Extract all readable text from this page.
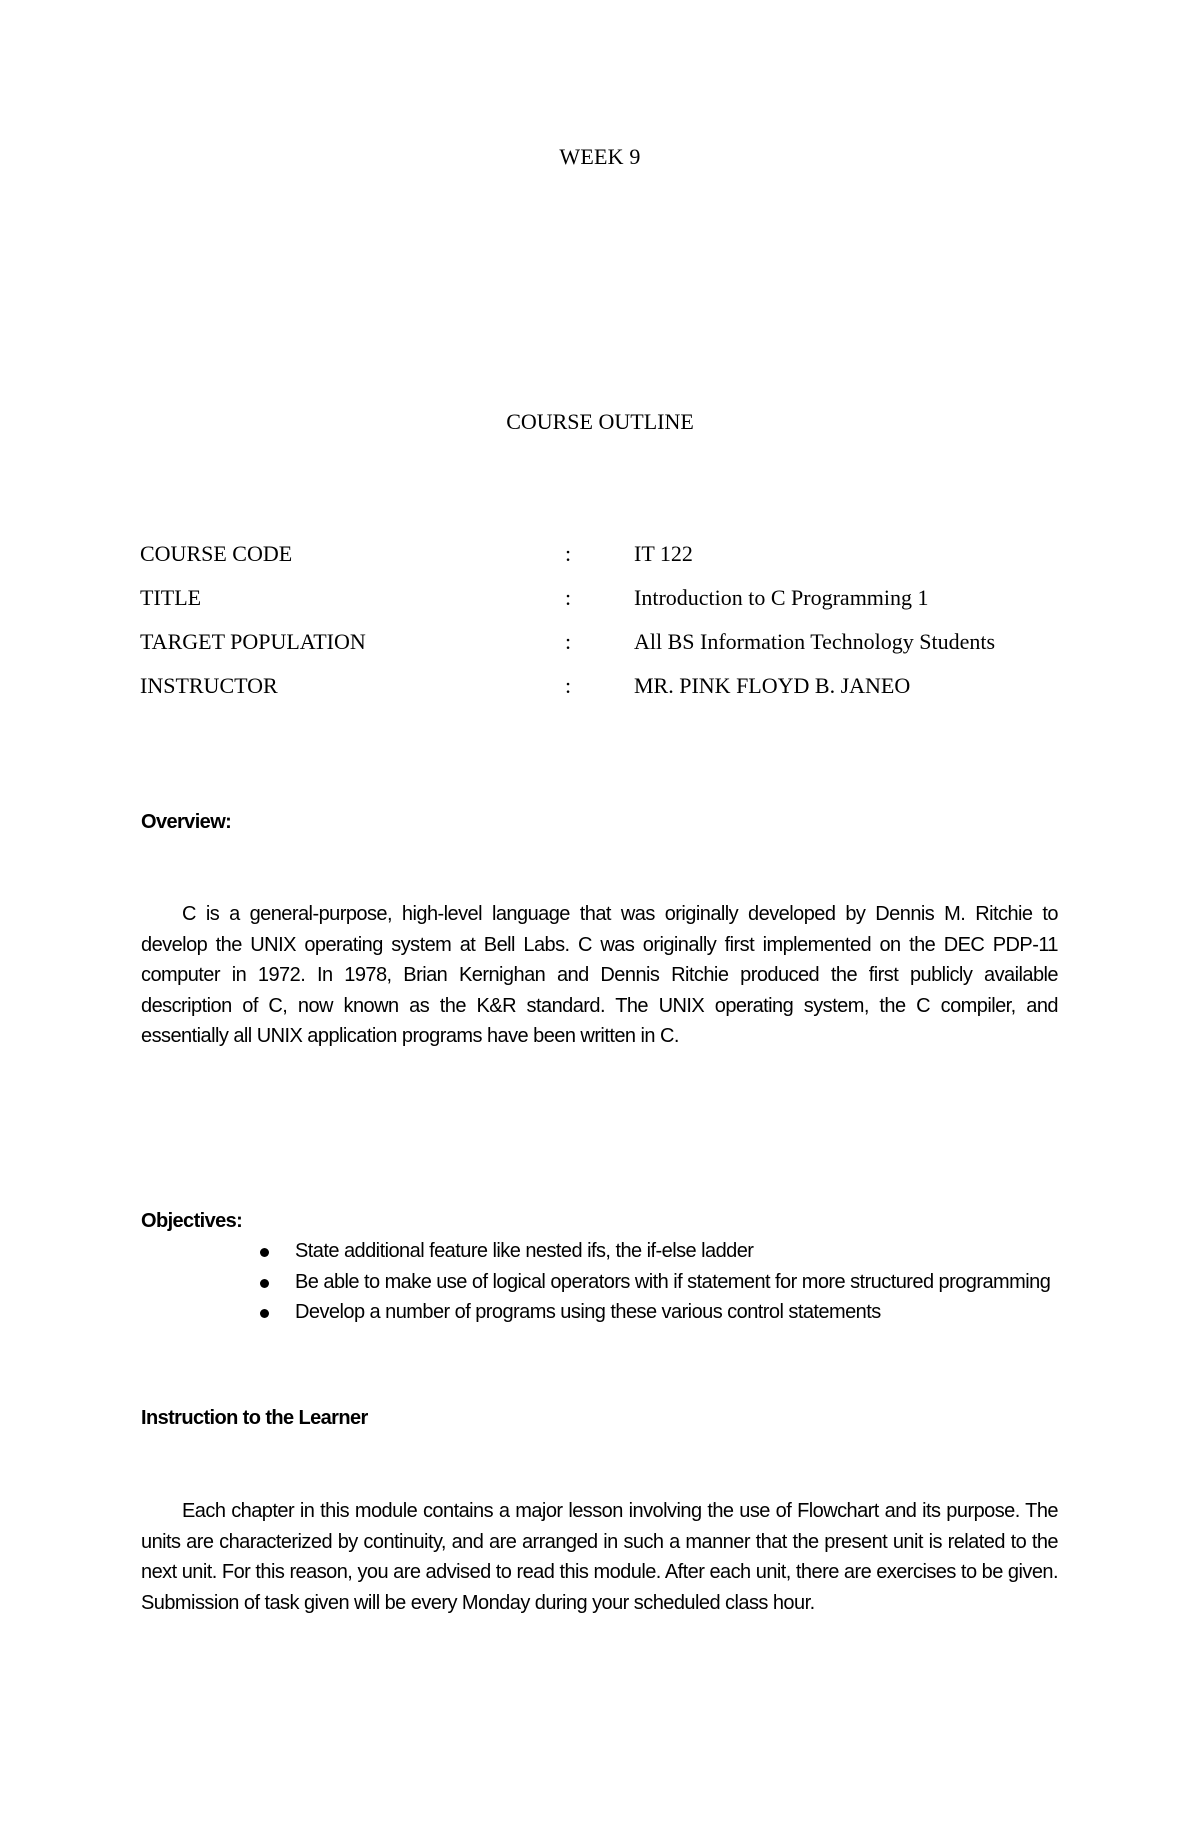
WEEK 9
COURSE OUTLINE
COURSE CODE	:	IT 122
TITLE	:	Introduction to C Programming 1
TARGET POPULATION	:	All BS Information Technology Students
INSTRUCTOR	:	MR. PINK FLOYD B. JANEO
Overview:

C is a general-purpose, high-level language that was originally developed by Dennis M. Ritchie to develop the UNIX operating system at Bell Labs. C was originally first implemented on the DEC PDP-11 computer in 1972. In 1978, Brian Kernighan and Dennis Ritchie produced the first publicly available description of C, now known as the K&R standard. The UNIX operating system, the C compiler, and essentially all UNIX application programs have been written in C.

Objectives:
State additional feature like nested ifs, the if-else ladder
Be able to make use of logical operators with if statement for more structured programming
Develop a number of programs using these various control statements
Instruction to the Learner

Each chapter in this module contains a major lesson involving the use of Flowchart and its purpose. The units are characterized by continuity, and are arranged in such a manner that the present unit is related to the next unit. For this reason, you are advised to read this module. After each unit, there are exercises to be given. Submission of task given will be every Monday during your scheduled class hour.
